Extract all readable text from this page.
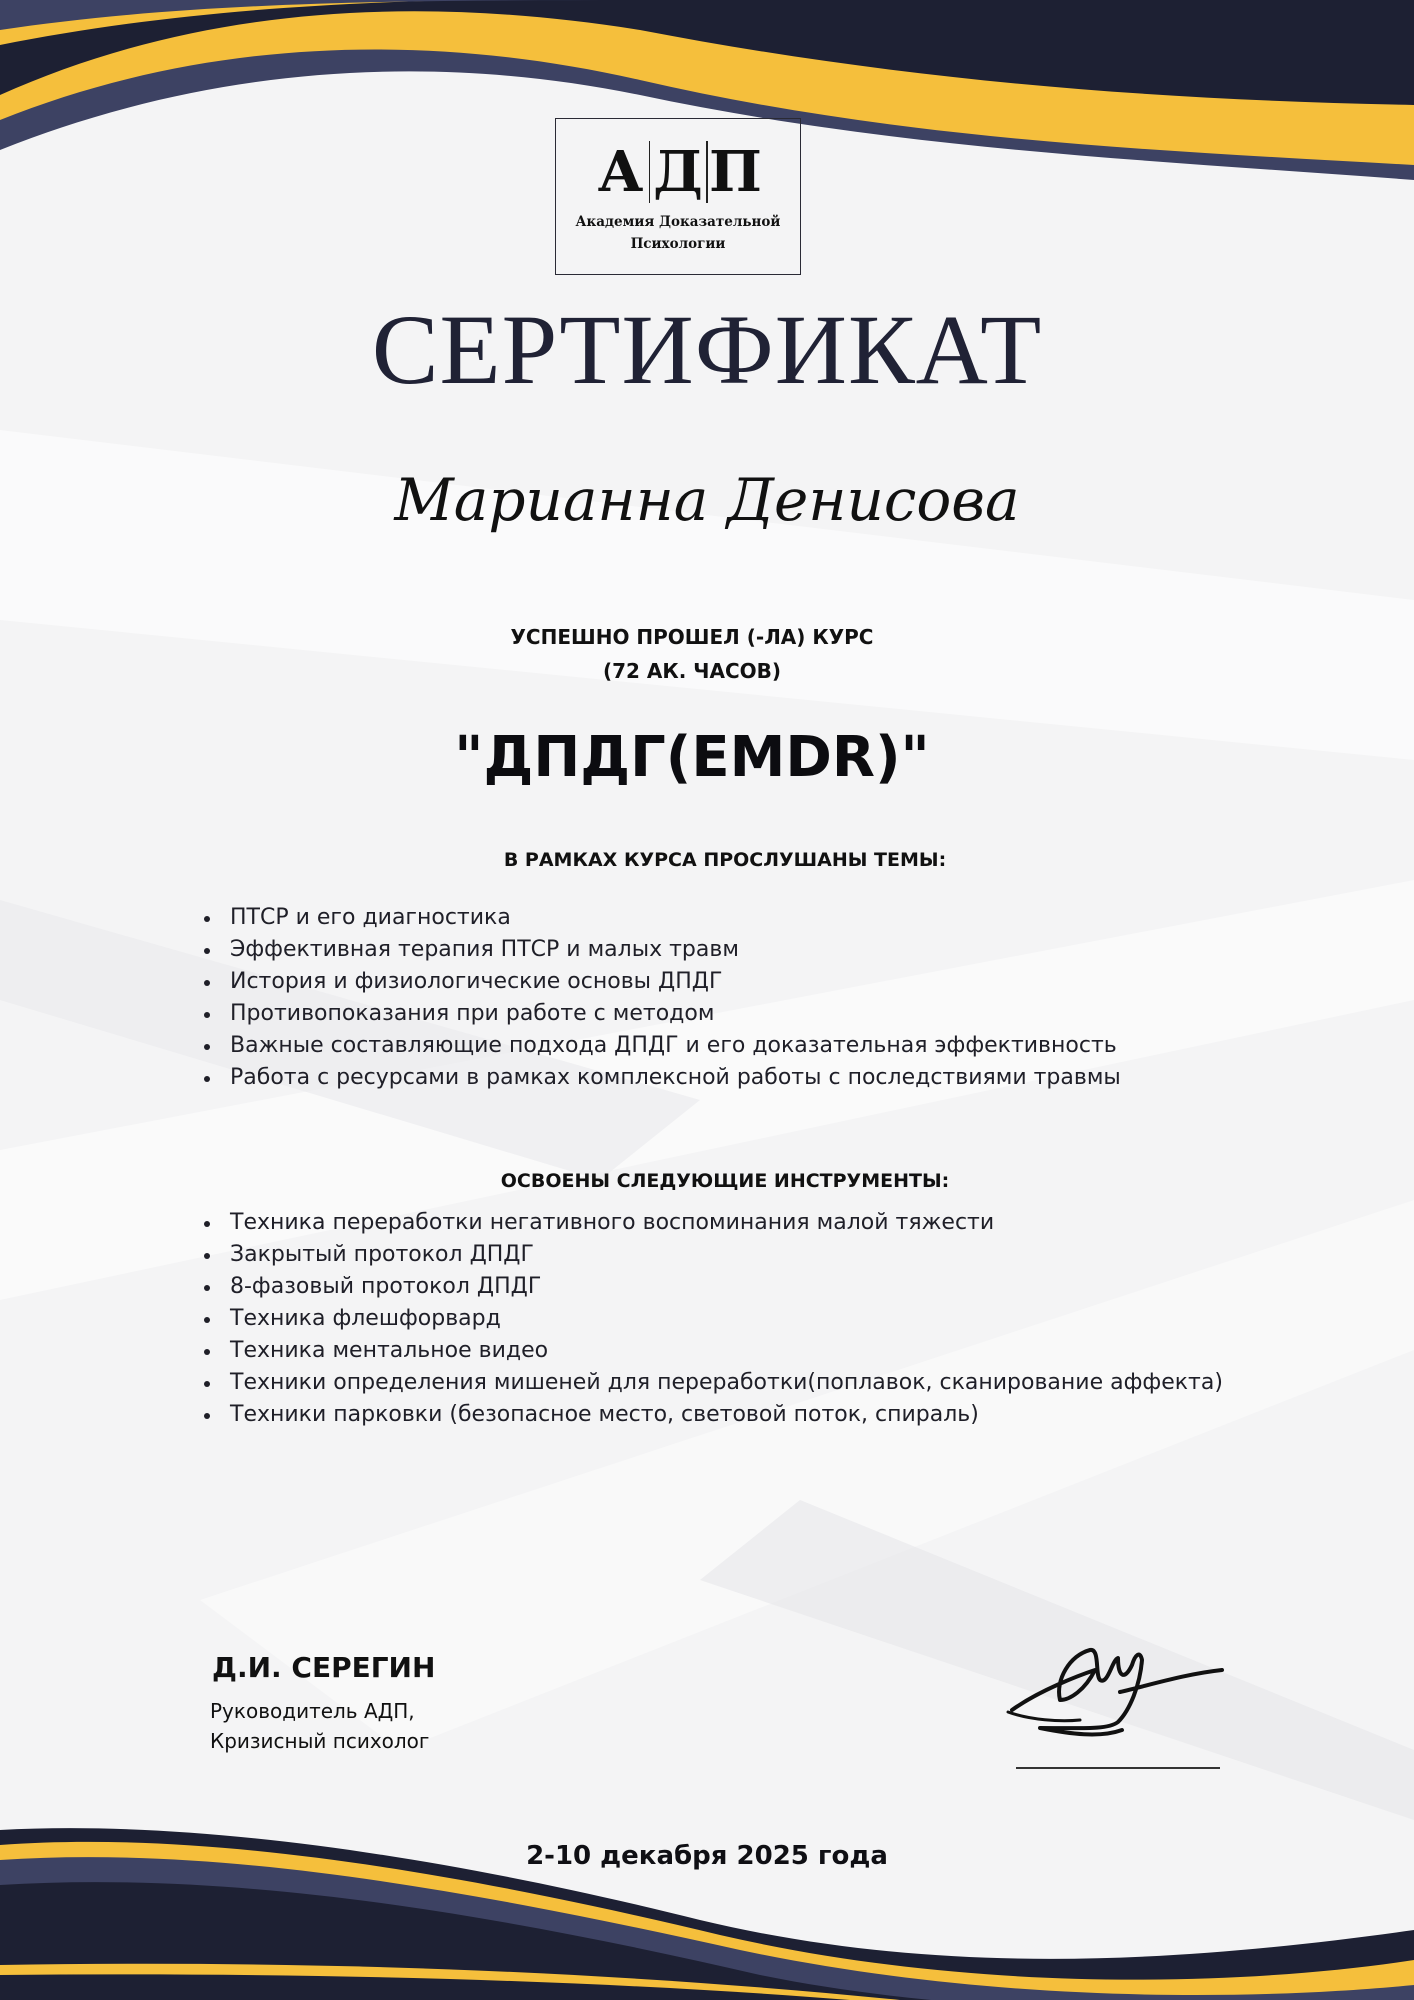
А Д П
Академия Доказательной
Психологии
СЕРТИФИКАТ
Марианна Денисова
УСПЕШНО ПРОШЕЛ (-ЛА) КУРС
(72 АК. ЧАСОВ)
"ДПДГ(EMDR)"
В РАМКАХ КУРСА ПРОСЛУШАНЫ ТЕМЫ:
ПТСР и его диагностика
Эффективная терапия ПТСР и малых травм
История и физиологические основы ДПДГ
Противопоказания при работе с методом
Важные составляющие подхода ДПДГ и его доказательная эффективность
Работа с ресурсами в рамках комплексной работы с последствиями травмы
ОСВОЕНЫ СЛЕДУЮЩИЕ ИНСТРУМЕНТЫ:
Техника переработки негативного воспоминания малой тяжести
Закрытый протокол ДПДГ
8-фазовый протокол ДПДГ
Техника флешфорвард
Техника ментальное видео
Техники определения мишеней для переработки(поплавок, сканирование аффекта)
Техники парковки (безопасное место, световой поток, спираль)
Д.И. СЕРЕГИН
Руководитель АДП,
Кризисный психолог
2-10 декабря 2025 года
